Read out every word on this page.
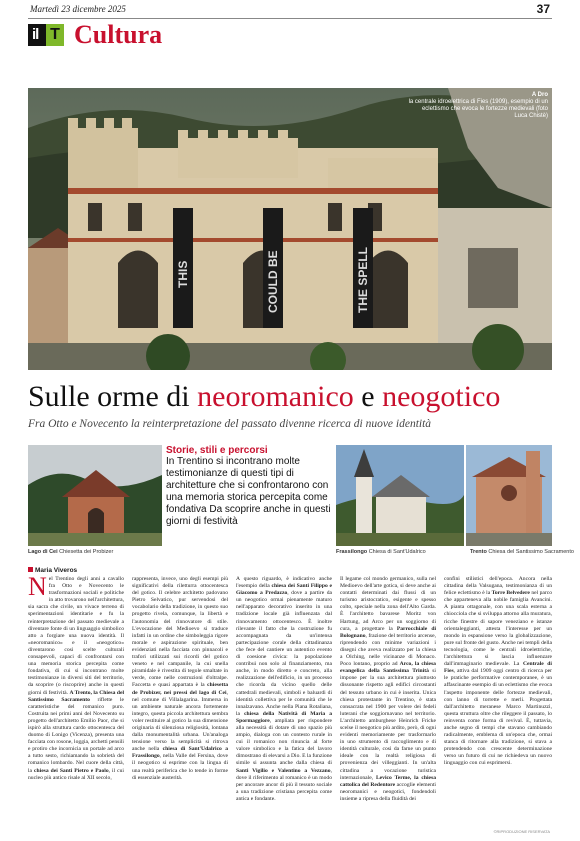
Martedì 23 dicembre 2025	37
il T Cultura
THIS	COULD BE	THE SPELL
A Dro
la centrale idroelettrica di Fies (1909), esempio di un eclettismo che evoca le fortezze medievali (foto Luca Chistè)
Sulle orme di neoromanico e neogotico
Fra Otto e Novecento la reinterpretazione del passato divenne ricerca di nuove identità
Lago di Cei Chiesetta dei Probizer
Storie, stili e percorsi
In Trentino si incontrano molte testimonianze di questi tipi di architetture che si confrontarono con una memoria storica percepita come fondativa Da scoprire anche in questi giorni di festività
Frassilongo Chiesa di Sant'Udalrico	Trento Chiesa del Santissimo Sacramento
Maria Viveros
Nel Trentino degli anni a cavallo fra Otto e Novecento le trasformazioni sociali e politiche in atto trovarono nell'architettura, sia sacra che civile, un vivace terreno di sperimentazioni identitarie e fu la reinterpretazione del passato medievale a diventare fonte di un linguaggio simbolico atto a forgiare una nuova identità. Il «neoromanico» e il «neogotico» diventarono così scelte culturali consapevoli, capaci di confrontarsi con una memoria storica percepita come fondativa, di cui si incontrano molte testimonianze in diversi siti del territorio, da scoprire (o riscoprire) anche in questi giorni di festività. A Trento, la Chiesa del Santissimo Sacramento riflette le caratteristiche del romanico puro. Costruita nei primi anni del Novecento su progetto dell'architetto Emilio Paor, che si ispirò alla struttura cardo ottocentesca del duomo di Lonigo (Vicenza), presenta una facciata con rosone, loggia, archetti pensili e protiro che incornicia un portale ad arco a tutto sesto, richiamando la sobrietà del romanico lombardo. Nel cuore della città, la chiesa dei Santi Pietro e Paolo, il cui nucleo più antico risale al XII secolo,
rappresenta, invece, uno degli esempi più significativi della riletturra ottocentesca del gotico. Il celebre architetto padovano Pietro Selvatico, pur servendosi del vocabolario della tradizione, in questo suo progetto rivela, comunque, la libertà e l'autonomia del rinnovatore di stile. L'evocazione del Medioevo si traduce infatti in un ordine che simboleggia rigore morale e aspirazione spirituale, ben evidenziati nella facciata con pinnacoli e trafori utilizzati sui ricordi del gotico veneto e nel campanile, la cui snella piramidale è rivestita di tegole smaltate in verde, come nelle costruzioni d'oltralpe. Faccetta e quasi appartata è la chiesetta de Probizer, nei pressi del lago di Cei, nel comune di Villalagarina. Immersa in un ambiente naturale ancora fortemente integro, questa piccola architettura sembra voler restituire al gotico la sua dimensione originaria di silenziosa religiosità, lontana dalla monumentalità urbana. Un'analoga tensione verso la semplicità si ritrova anche nella chiesa di Sant'Udalrico a Frassilongo, nella Valle del Fersina, dove il neogotico si esprime con la lingua di una realtà periferica che lo tende in forme di essenziale austerità.
A questo riguardo, è indicativo anche l'esempio della chiesa dei Santi Filippo e Giacomo a Predazzo, dove a partire da un neogotico ormai pienamente maturo nell'apparato decorativo inserito in una tradizione locale già influenzata dal rinnovamento ottocentesco. È inoltre rilevante il fatto che la costruzione fu accompagnata da un'intensa partecipazione corale della cittadinanza che fece del cantiere un autentico evento di coesione civica: la popolazione contribuì non solo al finanziamento, ma anche, in modo diretto e concreto, alla realizzazione dell'edificio, in un processo che ricorda da vicino quello delle cattedrali medievali, simboli e baluardi di identità collettiva per le comunità che le innalzavano. Anche nella Piana Rotaliana, la chiesa della Natività di Maria a Spormaggiore, ampliata per rispondere alla necessità di dotare di uno spazio più ampio, dialoga con un contesto rurale in cui il romanico non rinuncia al forte valore simbolico e la fatica del lavoro dimostrano di elevarsi a Dio. E la funzione simile si assunta anche dalla chiesa di Santi Vigilio e Valentino a Vezzano, dove il riferimento al romanico è un modo per ancorare ancor di più il tessuto sociale a una tradizione cristiana percepita come antica e fondante.
Il legame col mondo germanico, sulla nel Medioevo dell'arte gotica, si deve anche ai contatti determinati dai flussi di un turismo aristocratico, esigente e spesso colto, speciale nella zona dell'Alto Garda. È l'architetto bavarese Moritz von Hartung, ad Arco per un soggiorno di cura, a progettare la Parrocchiale di Bolognano, frazione del territorio arcense, riprendendo con minime variazioni i disegni che aveva realizzato per la chiesa a Olching, nelle vicinanze di Monaco. Poco lontano, proprio ad Arco, la chiesa evangelica della Santissima Trinità si impone per la sua architettura piuttosto dissonante rispetto agli edifici circostanti del tessuto urbano in cui è inserita. Unica chiesa protestante in Trentino, è stata consacrata nel 1900 per volere dei fedeli luterani che soggiornavano nel territorio. L'architetto amburghese Heinrich Fricke scelse il neogotico più ardito, però, di ogni evidenti memoriamente per trasformarlo in uno strumento di raccoglimento e di identità culturale, così da farne un punto ideale con la realtà religiosa di provenienza dei villeggianti. In un'alta cittadina a vocazione turistica internazionale, Levico Terme, la chiesa cattolica del Redentore accoglie elementi neoromanici e neogotici, fondendoli insieme a ripresa della fluidità dei
confini stilistici dell'epoca. Ancora nella cittadina della Valsugana, testimonianza di un felice eclettismo è la Torre Belvedere nel parco che apparteneva alla nobile famiglia Avancini. A pianta ottagonale, con una scala esterna a chiocciola che si sviluppa attorno alla muratura, ricche finestre di sapore veneziano e istanze orientaleggianti, attesta l'interesse per un mondo in espansione verso la globalizzazione, pure sul fronte del gusto. Anche nei templi della tecnologia, come le centrali idroelettriche, l'architettura si lascia influenzare dall'immaginario medievale. La Centrale di Fies, attiva dal 1909 oggi centro di ricerca per le pratiche performative contemporanee, è un affascinante esempio di un eclettismo che evoca l'aspetto imponente delle fortezze medievali, con lanno di torrette e merli. Progettata dall'architetto meranese Marco Martinuzzi, questa struttura oltre che rileggere il passato, lo reinventa come forma di revival. È, tuttavia, anche segno di tempi che stavano cambiando radicalmente, emblema di un'epoca che, ormai stanca di ritornare alla tradizione, si stava a protendendo con crescente determinazione verso un futuro di cui ne richiedeva un nuovo linguaggio con cui esprimersi.
©RIPRODUZIONE RISERVATA
